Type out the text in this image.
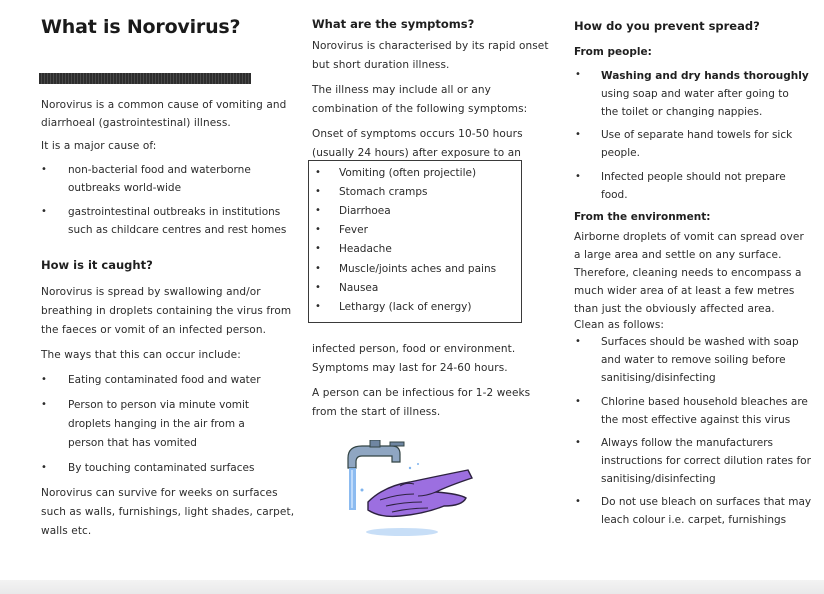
What is Norovirus?
Norovirus is a common cause of vomiting and
diarrhoeal (gastrointestinal) illness.
It is a major cause of:
• non-bacterial food and waterborne
outbreaks world-wide
• gastrointestinal outbreaks in institutions
such as childcare centres and rest homes
How is it caught?
Norovirus is spread by swallowing and/or
breathing in droplets containing the virus from
the faeces or vomit of an infected person.
The ways that this can occur include:
• Eating contaminated food and water
• Person to person via minute vomit
droplets hanging in the air from a
person that has vomited
• By touching contaminated surfaces
Norovirus can survive for weeks on surfaces
such as walls, furnishings, light shades, carpet,
walls etc.
What are the symptoms?
Norovirus is characterised by its rapid onset
but short duration illness.
The illness may include all or any
combination of the following symptoms:
Onset of symptoms occurs 10-50 hours
(usually 24 hours) after exposure to an
• Vomiting (often projectile)
• Stomach cramps
• Diarrhoea
• Fever
• Headache
• Muscle/joints aches and pains
• Nausea
• Lethargy (lack of energy)
infected person, food or environment.
Symptoms may last for 24-60 hours.
A person can be infectious for 1-2 weeks
from the start of illness.
How do you prevent spread?
From people:
• Washing and dry hands thoroughly
using soap and water after going to
the toilet or changing nappies.
• Use of separate hand towels for sick
people.
• Infected people should not prepare
food.
From the environment:
Airborne droplets of vomit can spread over
a large area and settle on any surface.
Therefore, cleaning needs to encompass a
much wider area of at least a few metres
than just the obviously affected area.
Clean as follows:
• Surfaces should be washed with soap
and water to remove soiling before
sanitising/disinfecting
• Chlorine based household bleaches are
the most effective against this virus
• Always follow the manufacturers
instructions for correct dilution rates for
sanitising/disinfecting
• Do not use bleach on surfaces that may
leach colour i.e. carpet, furnishings
